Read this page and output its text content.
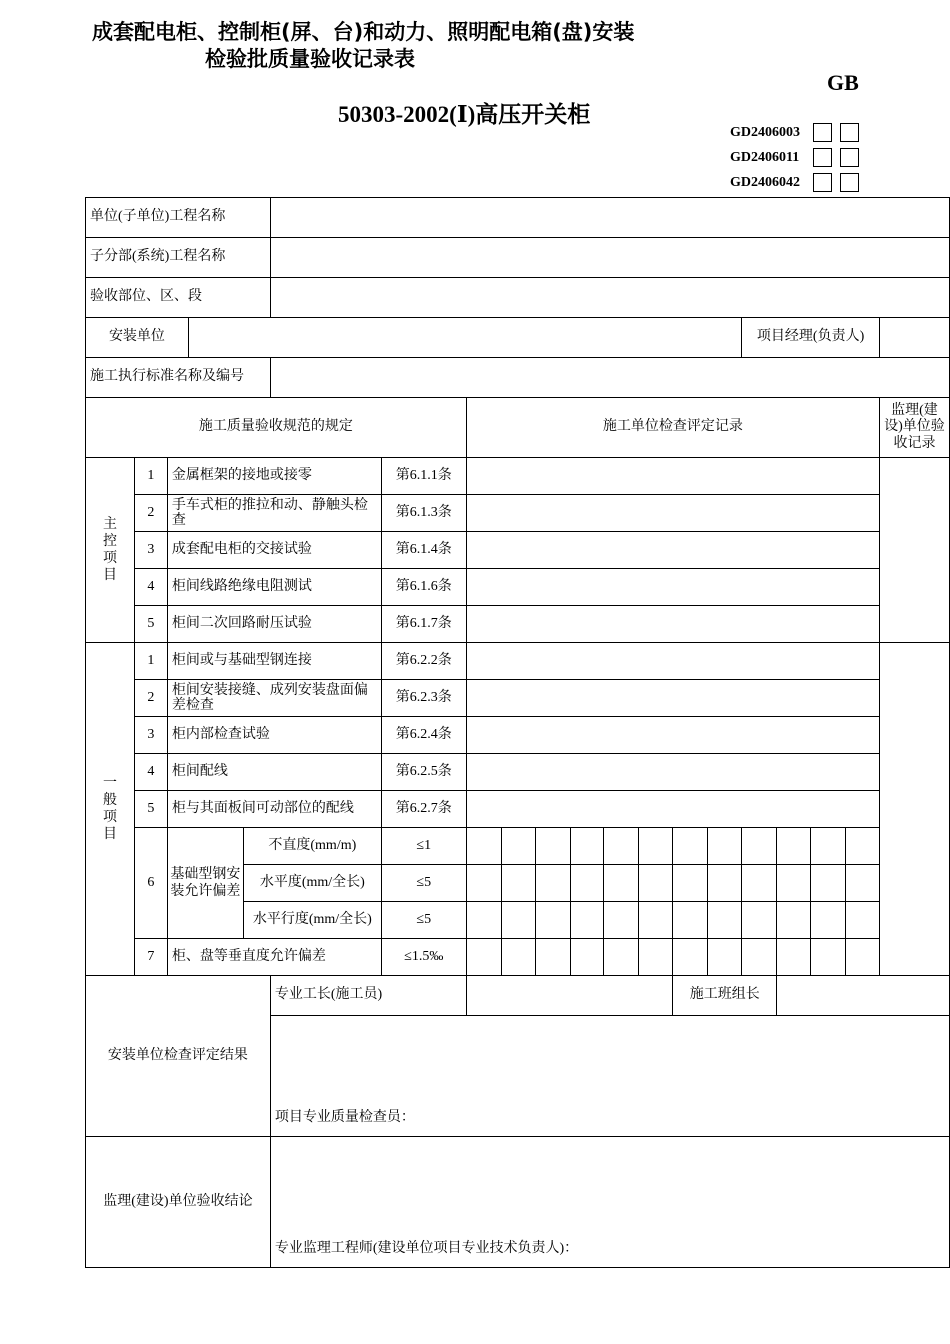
成套配电柜、控制柜(屏、台)和动力、照明配电箱(盘)安装
检验批质量验收记录表
GB
50303-2002(Ⅰ)高压开关柜
GD2406003
GD2406011
GD2406042
单位(子单位)工程名称																			
子分部(系统)工程名称																			
验收部位、区、段																			
安装单位															项目经理(负责人)				
施工执行标准名称及编号																			
施工质量验收规范的规定							施工单位检查评定记录												监理(建设)单位验收记录

主控项目	1	金属框架的接地或接零				第6.1.1条													
	2	手车式柜的推拉和动、静触头检查				第6.1.3条													
	3	成套配电柜的交接试验				第6.1.4条													
	4	柜间线路绝缘电阻测试				第6.1.6条													
	5	柜间二次回路耐压试验				第6.1.7条													

一般项目	1	柜间或与基础型钢连接				第6.2.2条													
	2	柜间安装接缝、成列安装盘面偏差检查				第6.2.3条													
	3	柜内部检查试验				第6.2.4条													
	4	柜间配线				第6.2.5条													
	5	柜与其面板间可动部位的配线				第6.2.7条													
	6	基础型钢安装允许偏差		不直度(mm/m)		≤1													
				水平度(mm/全长)		≤5													
				水平行度(mm/全长)		≤5													
	7	柜、盘等垂直度允许偏差				≤1.5‰													
安装单位检查评定结果					专业工长(施工员)								施工班组长						
					项目专业质量检查员：														
监理(建设)单位验收结论					专业监理工程师(建设单位项目专业技术负责人)：														
